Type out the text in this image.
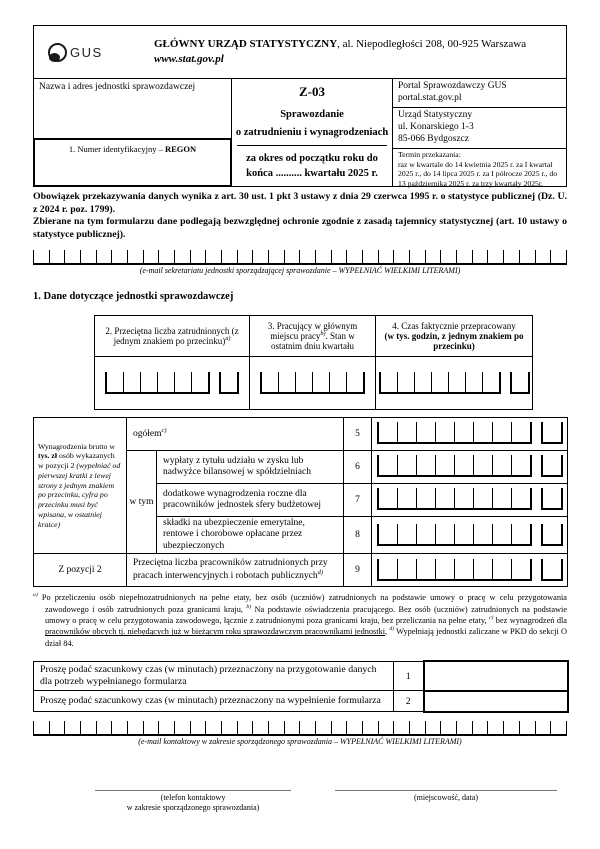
GUS
GŁÓWNY URZĄD STATYSTYCZNY, al. Niepodległości 208, 00-925 Warszawa
www.stat.gov.pl
Nazwa i adres jednostki sprawozdawczej
1. Numer identyfikacyjny – REGON
Z-03
Sprawozdanie
o zatrudnieniu i wynagrodzeniach
za okres od początku roku do
końca .......... kwartału 2025 r.
Portal Sprawozdawczy GUS
portal.stat.gov.pl
Urząd Statystyczny
ul. Konarskiego 1-3
85-066 Bydgoszcz
Termin przekazania:
raz w kwartale do 14 kwietnia 2025 r. za I kwartał 2025 r., do 14 lipca 2025 r. za I półrocze 2025 r., do 13 października 2025 r. za trzy kwartały 2025r.

Obowiązek przekazywania danych wynika z art. 30 ust. 1 pkt 3 ustawy z dnia 29 czerwca 1995 r. o statystyce publicznej (Dz. U. z 2024 r. poz. 1799).

Zbierane na tym formularzu dane podlegają bezwzględnej ochronie zgodnie z zasadą tajemnicy statystycznej (art. 10 ustawy o statystyce publicznej).

(e-mail sekretariatu jednostki sporządzającej sprawozdanie – WYPEŁNIAĆ WIELKIMI LITERAMI)
1. Dane dotyczące jednostki sprawozdawczej
2. Przeciętna liczba zatrudnionych (z jednym znakiem po przecinku)$^{a)}$	3. Pracujący w głównym miejscu pracy$^{b)}$. Stan w ostatnim dniu kwartału	4. Czas faktycznie przepracowany
(w tys. godzin, z jednym znakiem po przecinku)

Wynagrodzenia brutto w tys. zł osób wykazanych w pozycji 2 (wypełniać od pierwszej kratki z lewej strony z jednym znakiem po przecinku, cyfra po przecinku musi być wpisana, w ostatniej kratce)	ogółem$^{c)}$		5	

	w tym	wypłaty z tytułu udziału w zysku lub nadwyżce bilansowej w spółdzielniach	6	

		dodatkowe wynagrodzenia roczne dla pracowników jednostek sfery budżetowej	7	

		składki na ubezpieczenie emerytalne, rentowe i chorobowe opłacane przez ubezpieczonych	8	

Z pozycji 2	Przeciętna liczba pracowników zatrudnionych przy pracach interwencyjnych i robotach publicznych$^{d)}$		9	
$^{a)}$ Po przeliczeniu osób niepełnozatrudnionych na pełne etaty, bez osób (uczniów) zatrudnionych na podstawie umowy o pracę w celu przygotowania zawodowego i osób zatrudnionych poza granicami kraju, $^{b)}$ Na podstawie oświadczenia pracującego. Bez osób (uczniów) zatrudnionych na podstawie umowy o pracę w celu przygotowania zawodowego, łącznie z zatrudnionymi poza granicami kraju, bez przeliczania na pełne etaty, $^{c)}$ bez wynagrodzeń dla pracowników obcych tj. niebędących już w bieżącym roku sprawozdawczym pracownikami jednostki, $^{d)}$ Wypełniają jednostki zaliczane w PKD do sekcji O dział 84.
Proszę podać szacunkowy czas (w minutach) przeznaczony na przygotowanie danych dla potrzeb wypełnianego formularza	1	
Proszę podać szacunkowy czas (w minutach) przeznaczony na wypełnienie formularza	2	
(e-mail kontaktowy w zakresie sporządzonego sprawozdania – WYPEŁNIAĆ WIELKIMI LITERAMI)
(telefon kontaktowy
w zakresie sporządzonego sprawozdania)
(miejscowość, data)
